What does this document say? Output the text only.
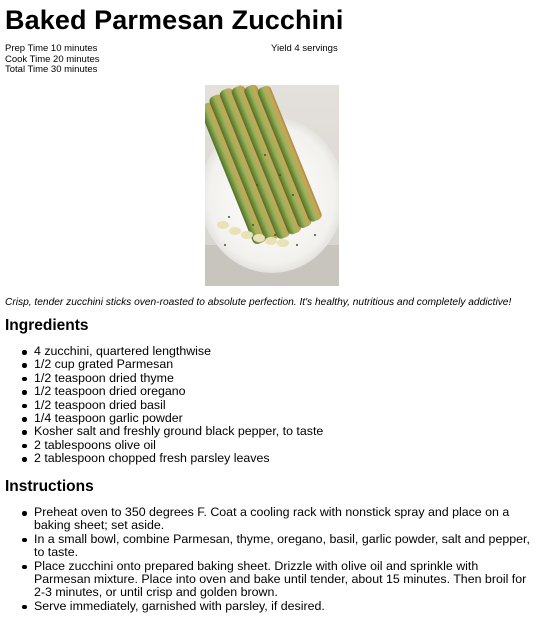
Baked Parmesan Zucchini
Prep Time 10 minutes
Cook Time 20 minutes
Total Time 30 minutes
Yield 4 servings
Crisp, tender zucchini sticks oven-roasted to absolute perfection. It's healthy, nutritious and completely addictive!
Ingredients
4 zucchini, quartered lengthwise
1/2 cup grated Parmesan
1/2 teaspoon dried thyme
1/2 teaspoon dried oregano
1/2 teaspoon dried basil
1/4 teaspoon garlic powder
Kosher salt and freshly ground black pepper, to taste
2 tablespoons olive oil
2 tablespoon chopped fresh parsley leaves
Instructions
Preheat oven to 350 degrees F. Coat a cooling rack with nonstick spray and place on a baking sheet; set aside.
In a small bowl, combine Parmesan, thyme, oregano, basil, garlic powder, salt and pepper, to taste.
Place zucchini onto prepared baking sheet. Drizzle with olive oil and sprinkle with Parmesan mixture. Place into oven and bake until tender, about 15 minutes. Then broil for 2-3 minutes, or until crisp and golden brown.
Serve immediately, garnished with parsley, if desired.
